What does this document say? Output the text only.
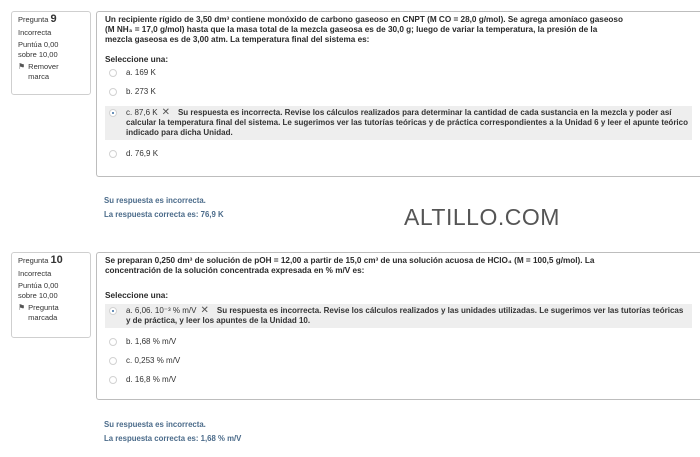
Pregunta 9
Incorrecta
Puntúa 0,00
sobre 10,00
⚑ Remover
marca
Un recipiente rígido de 3,50 dm³ contiene monóxido de carbono gaseoso en CNPT (M CO = 28,0 g/mol). Se agrega amoníaco gaseoso
(M NH₃ = 17,0 g/mol) hasta que la masa total de la mezcla gaseosa es de 30,0 g; luego de variar la temperatura, la presión de la
mezcla gaseosa es de 3,00 atm. La temperatura final del sistema es:
Seleccione una:
a. 169 K
b. 273 K
c. 87,6 K ✕ Su respuesta es incorrecta. Revise los cálculos realizados para determinar la cantidad de cada sustancia en la mezcla y poder así calcular la temperatura final del sistema. Le sugerimos ver las tutorías teóricas y de práctica correspondientes a la Unidad 6 y leer el apunte teórico indicado para dicha Unidad.
d. 76,9 K
Su respuesta es incorrecta.
La respuesta correcta es: 76,9 K	ALTILLO.COM
Pregunta 10
Incorrecta
Puntúa 0,00
sobre 10,00
⚑ Pregunta
marcada
Se preparan 0,250 dm³ de solución de pOH = 12,00 a partir de 15,0 cm³ de una solución acuosa de HClO₄ (M = 100,5 g/mol). La
concentración de la solución concentrada expresada en % m/V es:
Seleccione una:
a. 6,06. 10⁻³ % m/V ✕ Su respuesta es incorrecta. Revise los cálculos realizados y las unidades utilizadas. Le sugerimos ver las tutorías teóricas y de práctica, y leer los apuntes de la Unidad 10.
b. 1,68 % m/V
c. 0,253 % m/V
d. 16,8 % m/V
Su respuesta es incorrecta.
La respuesta correcta es: 1,68 % m/V
